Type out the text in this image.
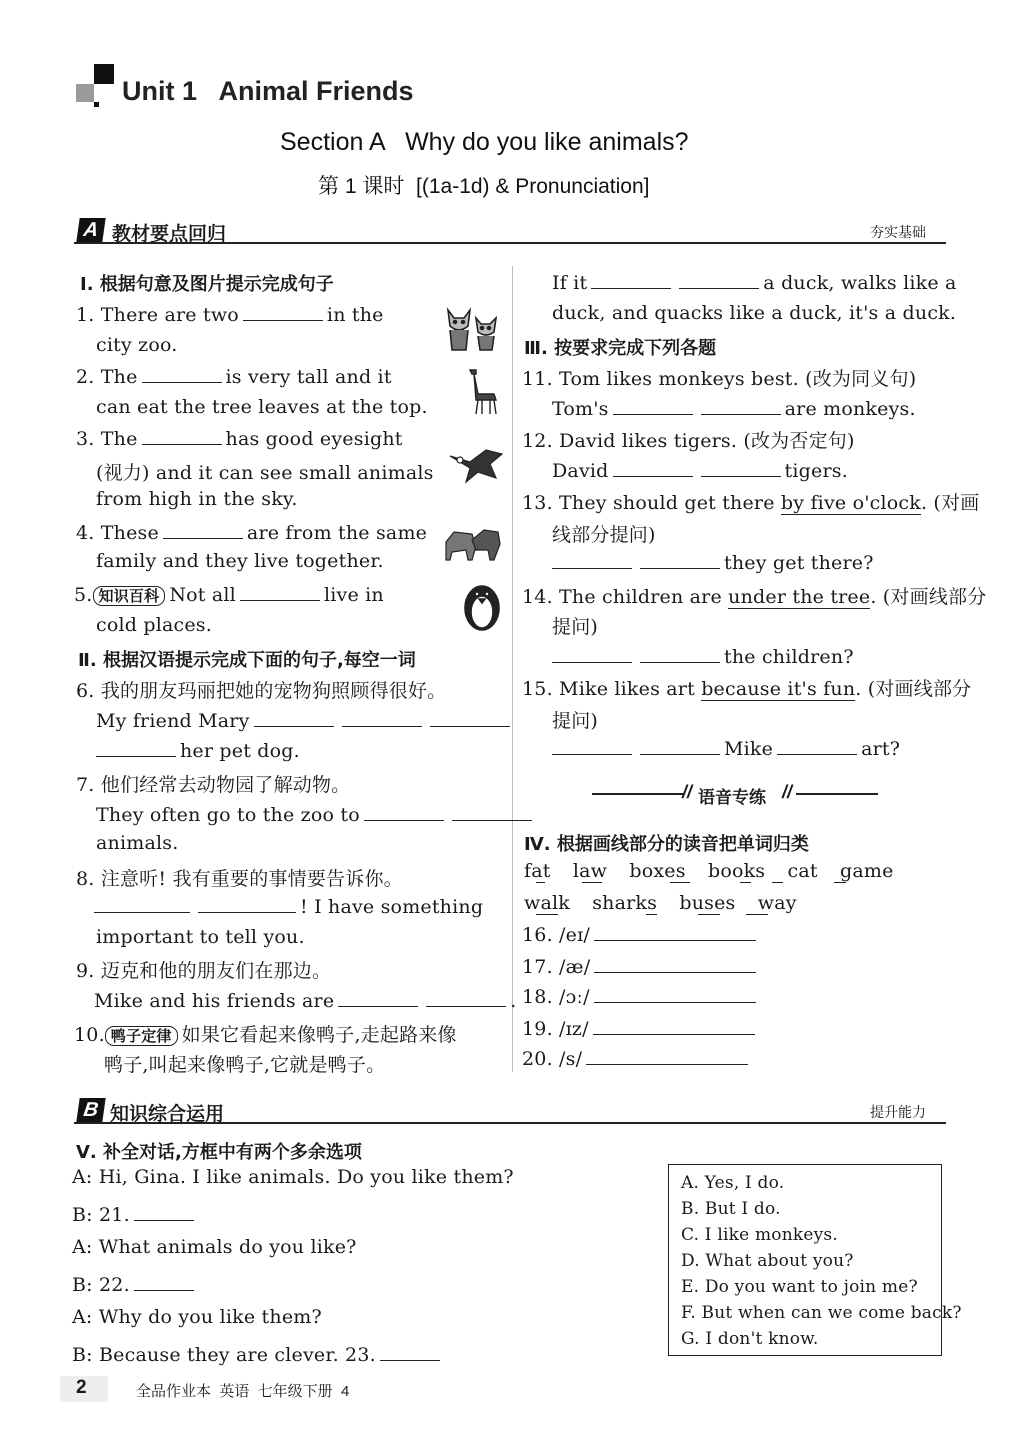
Unit 1   Animal Friends
Section A   Why do you like animals?
第 1 课时  [(1a-1d) & Pronunciation]
A 教材要点回归	夯实基础
Ⅰ. 根据句意及图片提示完成句子
1. There are two	in the
city zoo.
2. The	is very tall and it
can eat the tree leaves at the top.
3. The	has good eyesight
(视力) and it can see small animals
from high in the sky.
4. These	are from the same
family and they live together.
5. 知识百科 Not all	live in
cold places.
Ⅱ. 根据汉语提示完成下面的句子,每空一词
6. 我的朋友玛丽把她的宠物狗照顾得很好。
My friend Mary
her pet dog.
7. 他们经常去动物园了解动物。
They often go to the zoo to
animals.
8. 注意听! 我有重要的事情要告诉你。
! I have something
important to tell you.
9. 迈克和他的朋友们在那边。
Mike and his friends are	.
10. 鸭子定律 如果它看起来像鸭子,走起路来像
鸭子,叫起来像鸭子,它就是鸭子。
If it	a duck, walks like a
duck, and quacks like a duck, it's a duck.
Ⅲ. 按要求完成下列各题
11. Tom likes monkeys best. (改为同义句)
Tom's	are monkeys.
12. David likes tigers. (改为否定句)
David	tigers.
13. They should get there by five o'clock. (对画
线部分提问)
they get there?
14. The children are under the tree. (对画线部分
提问)
the children?
15. Mike likes art because it's fun. (对画线部分
提问)
Mike	art?
// 语音专练 //
Ⅳ. 根据画线部分的读音把单词归类
fat law boxes books cat game
walk sharks buses way
16. /eɪ/
17. /æ/
18. /ɔː/
19. /ɪz/
20. /s/
B 知识综合运用	提升能力
Ⅴ. 补全对话,方框中有两个多余选项
A: Hi, Gina. I like animals. Do you like them?
B: 21.
A: What animals do you like?
B: 22.
A: Why do you like them?
B: Because they are clever. 23.
A. Yes, I do.
B. But I do.
C. I like monkeys.
D. What about you?
E. Do you want to join me?
F. But when can we come back?
G. I don't know.
2	全品作业本  英语  七年级下册  4
